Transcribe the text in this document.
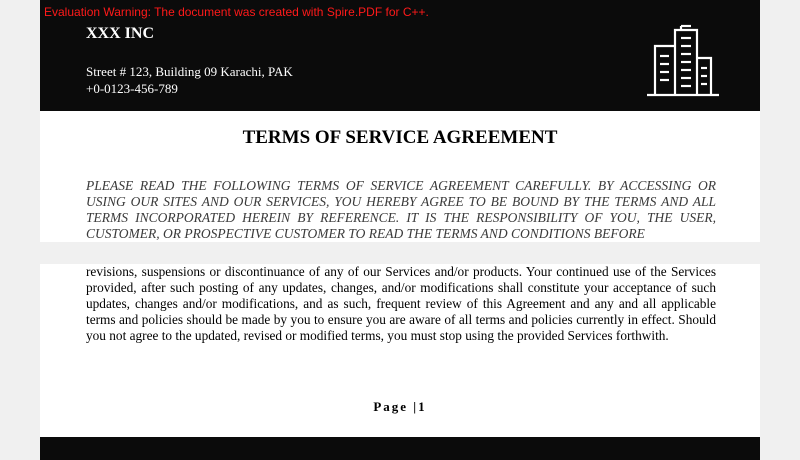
Evaluation Warning: The document was created with Spire.PDF for C++.
XXX INC
Street # 123, Building 09 Karachi, PAK
+0-0123-456-789
TERMS OF SERVICE AGREEMENT

PLEASE READ THE FOLLOWING TERMS OF SERVICE AGREEMENT CAREFULLY. BY ACCESSING OR USING OUR SITES AND OUR SERVICES, YOU HEREBY AGREE TO BE BOUND BY THE TERMS AND ALL TERMS INCORPORATED HEREIN BY REFERENCE. IT IS THE RESPONSIBILITY OF YOU, THE USER, CUSTOMER, OR PROSPECTIVE CUSTOMER TO READ THE TERMS AND CONDITIONS BEFORE

revisions, suspensions or discontinuance of any of our Services and/or products. Your continued use of the Services provided, after such posting of any updates, changes, and/or modifications shall constitute your acceptance of such updates, changes and/or modifications, and as such, frequent review of this Agreement and any and all applicable terms and policies should be made by you to ensure you are aware of all terms and policies currently in effect. Should you not agree to the updated, revised or modified terms, you must stop using the provided Services forthwith.

Page |1
